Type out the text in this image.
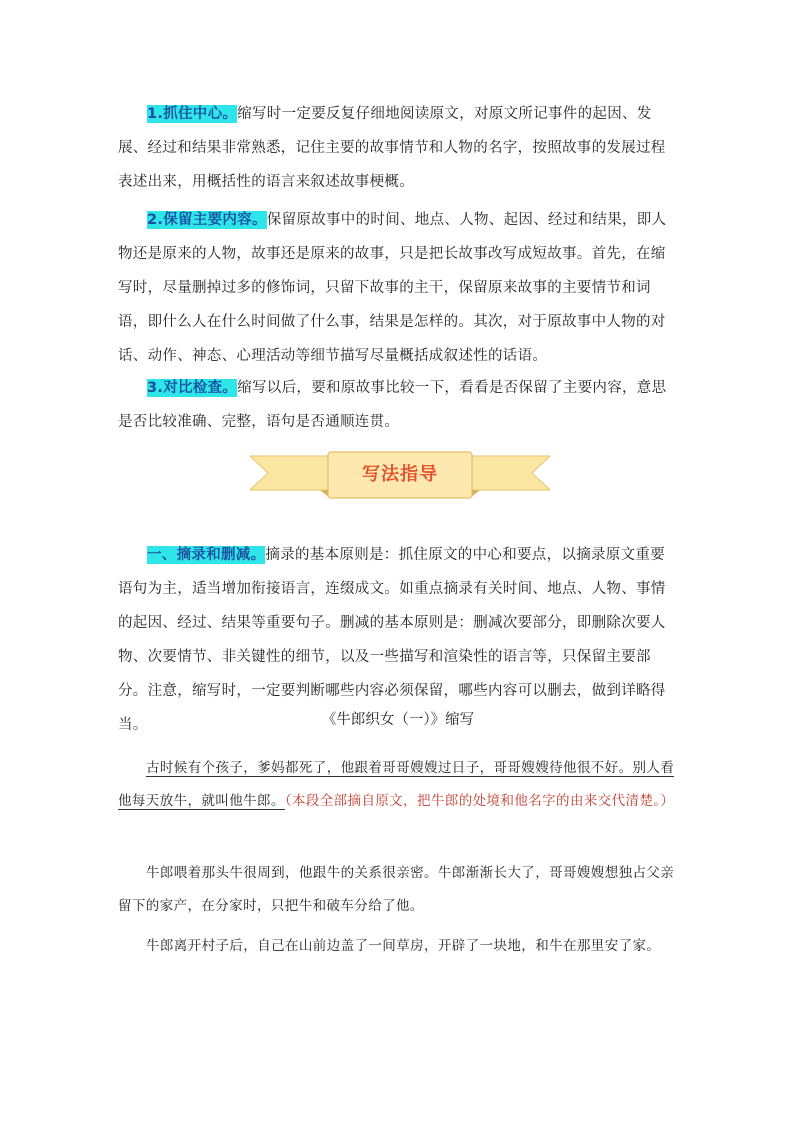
1.抓住中心。缩写时一定要反复仔细地阅读原文，对原文所记事件的起因、发展、经过和结果非常熟悉，记住主要的故事情节和人物的名字，按照故事的发展过程表述出来，用概括性的语言来叙述故事梗概。

2.保留主要内容。保留原故事中的时间、地点、人物、起因、经过和结果，即人物还是原来的人物，故事还是原来的故事，只是把长故事改写成短故事。首先，在缩写时，尽量删掉过多的修饰词，只留下故事的主干，保留原来故事的主要情节和词语，即什么人在什么时间做了什么事，结果是怎样的。其次，对于原故事中人物的对话、动作、神态、心理活动等细节描写尽量概括成叙述性的话语。

3.对比检查。缩写以后，要和原故事比较一下，看看是否保留了主要内容，意思是否比较准确、完整，语句是否通顺连贯。

写法指导

一、摘录和删减。摘录的基本原则是：抓住原文的中心和要点，以摘录原文重要语句为主，适当增加衔接语言，连缀成文。如重点摘录有关时间、地点、人物、事情的起因、经过、结果等重要句子。删减的基本原则是：删减次要部分，即删除次要人物、次要情节、非关键性的细节，以及一些描写和渲染性的语言等，只保留主要部分。注意，缩写时，一定要判断哪些内容必须保留，哪些内容可以删去，做到详略得当。	《牛郎织女（一）》缩写

古时候有个孩子，爹妈都死了，他跟着哥哥嫂嫂过日子，哥哥嫂嫂待他很不好。别人看他每天放牛，就叫他牛郎。（本段全部摘自原文，把牛郎的处境和他名字的由来交代清楚。）

牛郎喂着那头牛很周到，他跟牛的关系很亲密。牛郎渐渐长大了，哥哥嫂嫂想独占父亲留下的家产，在分家时，只把牛和破车分给了他。

牛郎离开村子后，自己在山前边盖了一间草房，开辟了一块地，和牛在那里安了家。
